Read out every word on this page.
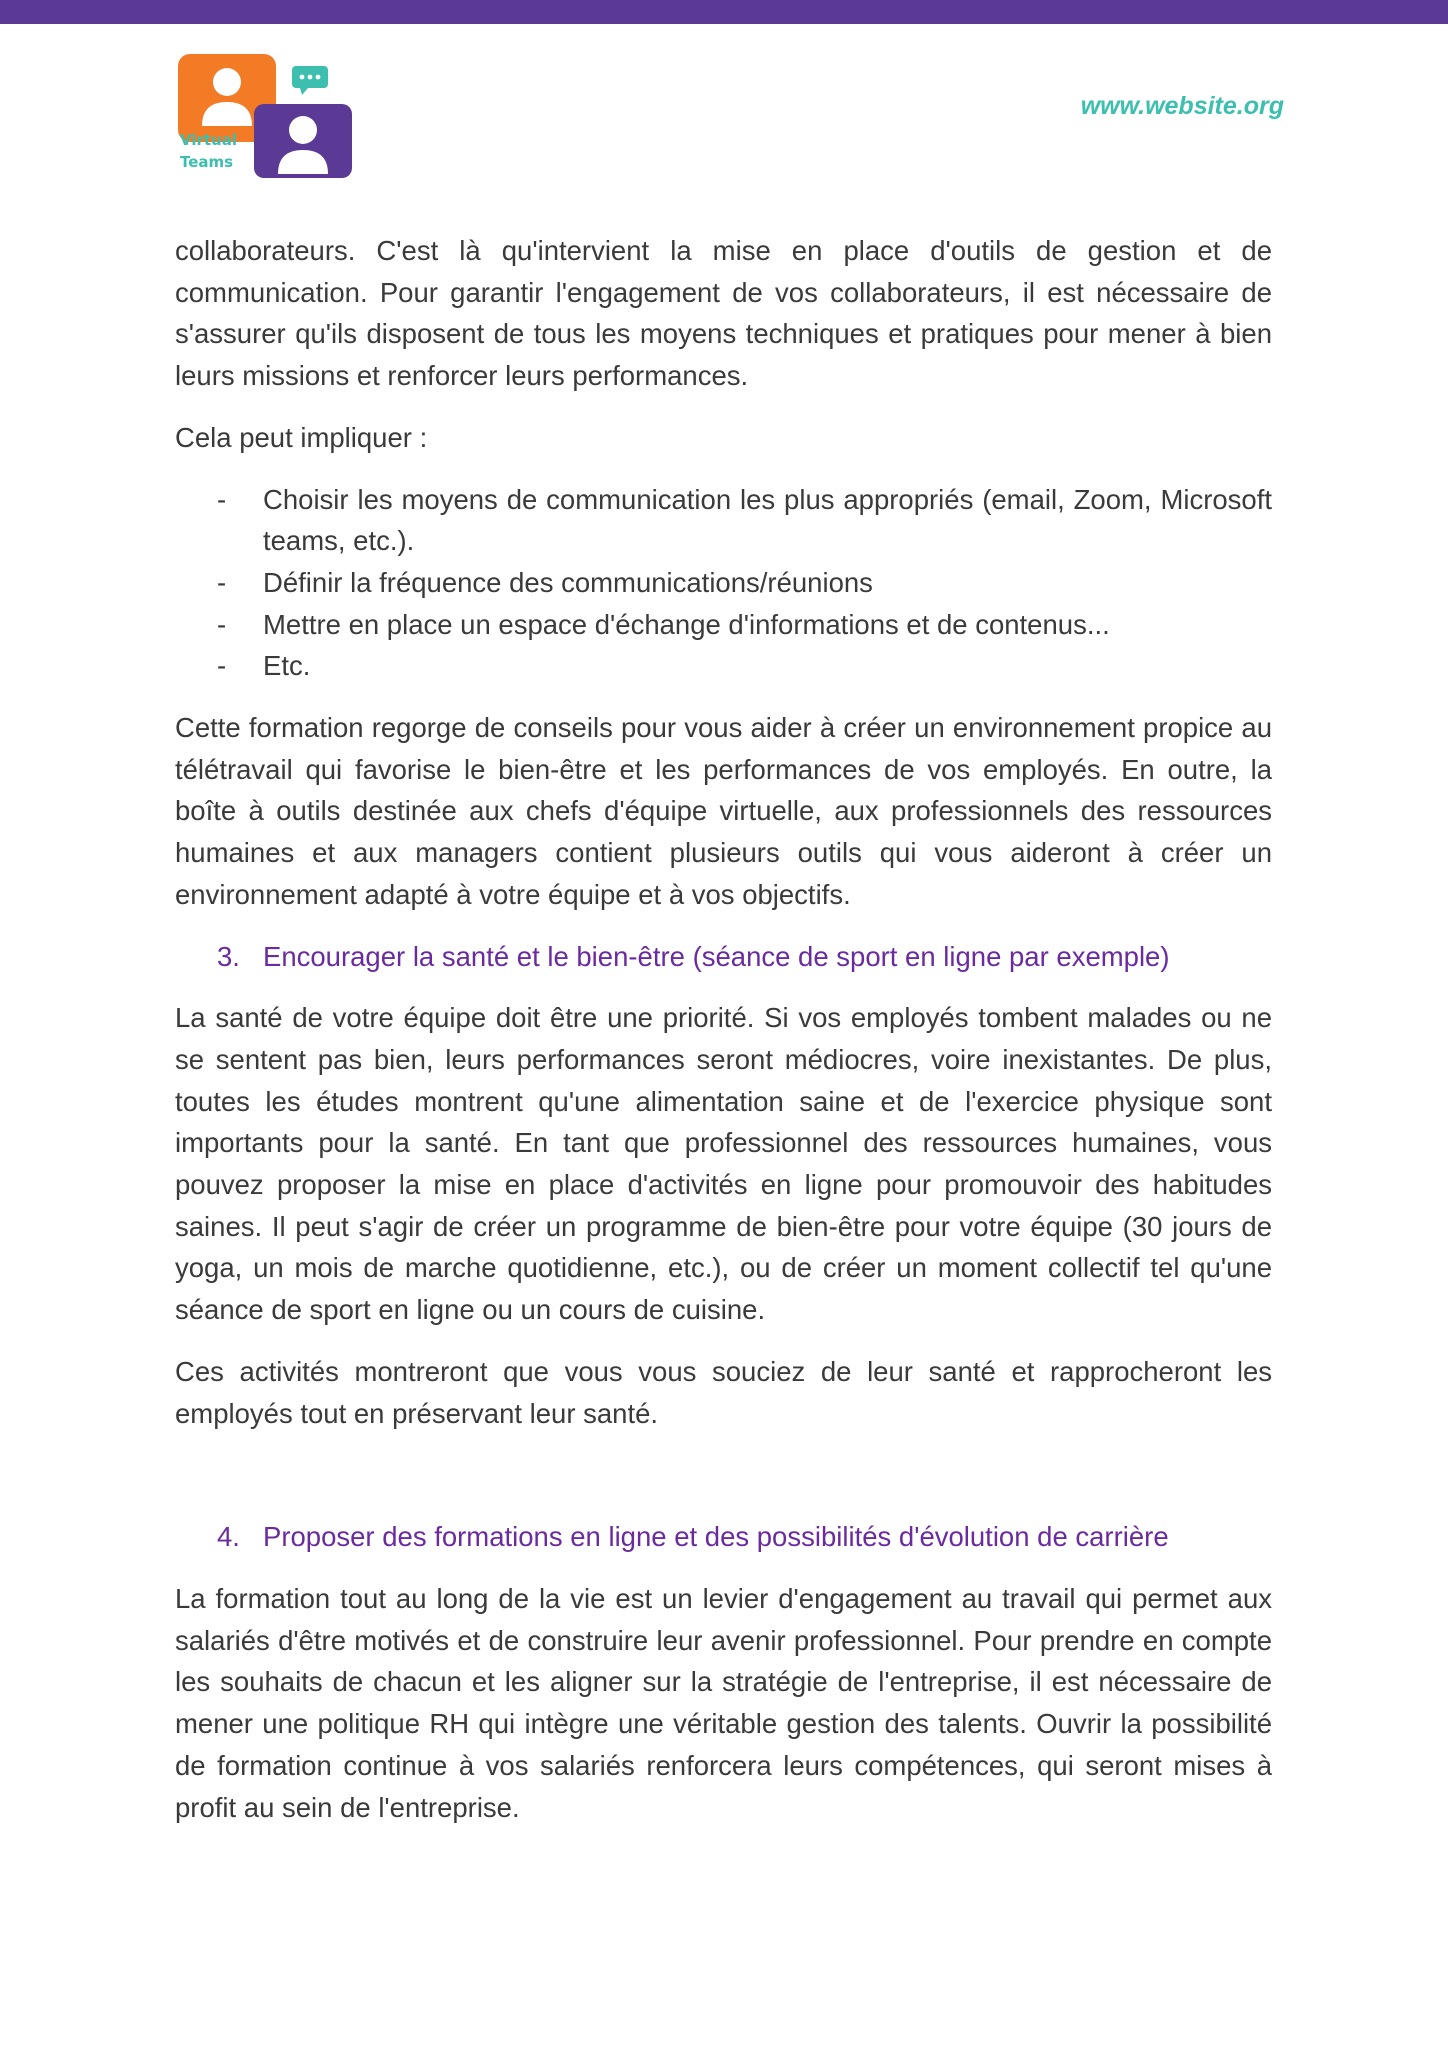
Virtual
Teams
www.website.org

collaborateurs. C'est là qu'intervient la mise en place d'outils de gestion et de communication. Pour garantir l'engagement de vos collaborateurs, il est nécessaire de s'assurer qu'ils disposent de tous les moyens techniques et pratiques pour mener à bien leurs missions et renforcer leurs performances.

Cela peut impliquer :

- Choisir les moyens de communication les plus appropriés (email, Zoom, Microsoft teams, etc.).
- Définir la fréquence des communications/réunions
- Mettre en place un espace d'échange d'informations et de contenus...
- Etc.

Cette formation regorge de conseils pour vous aider à créer un environnement propice au télétravail qui favorise le bien-être et les performances de vos employés. En outre, la boîte à outils destinée aux chefs d'équipe virtuelle, aux professionnels des ressources humaines et aux managers contient plusieurs outils qui vous aideront à créer un environnement adapté à votre équipe et à vos objectifs.

3. Encourager la santé et le bien-être (séance de sport en ligne par exemple)

La santé de votre équipe doit être une priorité. Si vos employés tombent malades ou ne se sentent pas bien, leurs performances seront médiocres, voire inexistantes. De plus, toutes les études montrent qu'une alimentation saine et de l'exercice physique sont importants pour la santé. En tant que professionnel des ressources humaines, vous pouvez proposer la mise en place d'activités en ligne pour promouvoir des habitudes saines. Il peut s'agir de créer un programme de bien-être pour votre équipe (30 jours de yoga, un mois de marche quotidienne, etc.), ou de créer un moment collectif tel qu'une séance de sport en ligne ou un cours de cuisine.

Ces activités montreront que vous vous souciez de leur santé et rapprocheront les employés tout en préservant leur santé.

4. Proposer des formations en ligne et des possibilités d'évolution de carrière

La formation tout au long de la vie est un levier d'engagement au travail qui permet aux salariés d'être motivés et de construire leur avenir professionnel. Pour prendre en compte les souhaits de chacun et les aligner sur la stratégie de l'entreprise, il est nécessaire de mener une politique RH qui intègre une véritable gestion des talents. Ouvrir la possibilité de formation continue à vos salariés renforcera leurs compétences, qui seront mises à profit au sein de l'entreprise.
